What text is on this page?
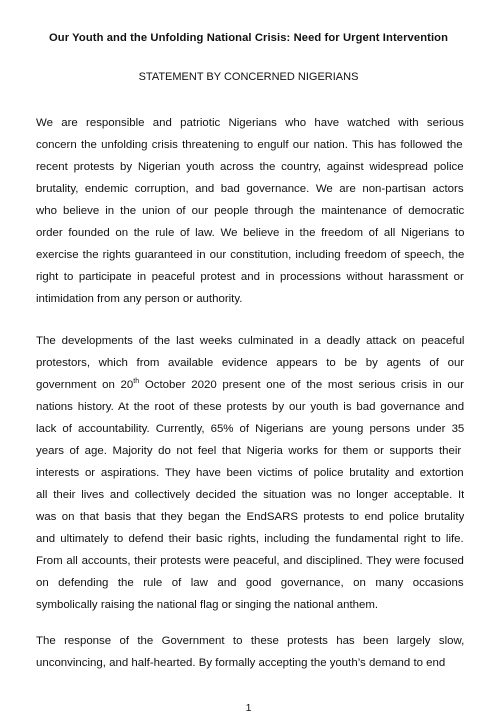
Our Youth and the Unfolding National Crisis: Need for Urgent Intervention
STATEMENT BY CONCERNED NIGERIANS
We are responsible and patriotic Nigerians who have watched with serious
concern the unfolding crisis threatening to engulf our nation. This has followed the
recent protests by Nigerian youth across the country, against widespread police
brutality, endemic corruption, and bad governance. We are non-partisan actors
who believe in the union of our people through the maintenance of democratic
order founded on the rule of law. We believe in the freedom of all Nigerians to
exercise the rights guaranteed in our constitution, including freedom of speech, the
right to participate in peaceful protest and in processions without harassment or
intimidation from any person or authority.
The developments of the last weeks culminated in a deadly attack on peaceful
protestors, which from available evidence appears to be by agents of our
government on 20th October 2020 present one of the most serious crisis in our
nations history. At the root of these protests by our youth is bad governance and
lack of accountability. Currently, 65% of Nigerians are young persons under 35
years of age. Majority do not feel that Nigeria works for them or supports their
interests or aspirations. They have been victims of police brutality and extortion
all their lives and collectively decided the situation was no longer acceptable. It
was on that basis that they began the EndSARS protests to end police brutality
and ultimately to defend their basic rights, including the fundamental right to life.
From all accounts, their protests were peaceful, and disciplined. They were focused
on defending the rule of law and good governance, on many occasions
symbolically raising the national flag or singing the national anthem.
The response of the Government to these protests has been largely slow,
unconvincing, and half-hearted. By formally accepting the youth’s demand to end
1
